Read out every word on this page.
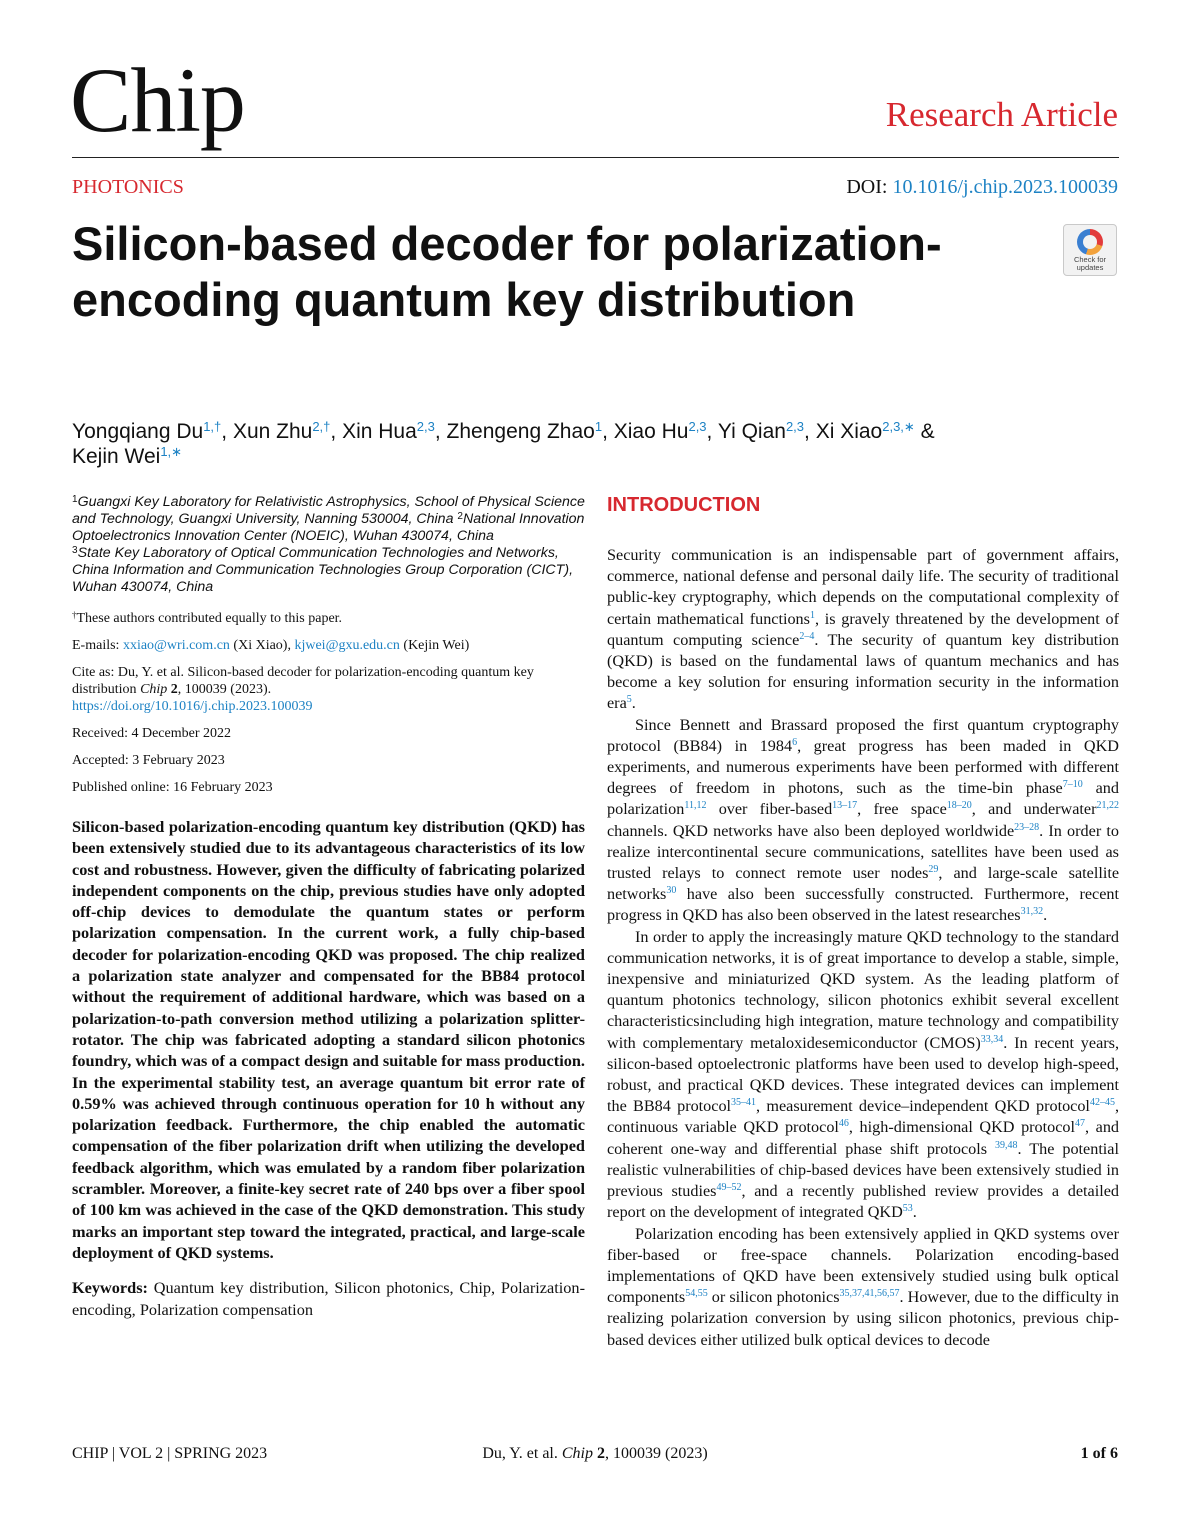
Chip	Research Article
PHOTONICS	DOI: 10.1016/j.chip.2023.100039
Silicon-based decoder for polarization-encoding quantum key distribution
Check for
updates
Yongqiang $Du^{1,\dagger}$, Xun Zhu$^{2,\dagger}$, Xin Hua$^{2,3}$, Zhengeng Zhao$^1$, Xiao Hu$^{2,3}$, Yi Qian$^{2,3}$, Xi Xiao$^{2,3,∗}$ &
Kejin Wei$^{1,∗}$

$^1$Guangxi Key Laboratory for Relativistic Astrophysics, School of Physical Science and Technology, Guangxi University, Nanning 530004, China $^2$National Innovation Optoelectronics Innovation Center (NOEIC), Wuhan 430074, China
$^3$State Key Laboratory of Optical Communication Technologies and Networks, China Information and Communication Technologies Group Corporation (CICT), Wuhan 430074, China

†These authors contributed equally to this paper.

E-mails: xxiao@wri.com.cn (Xi Xiao), kjwei@gxu.edu.cn (Kejin Wei)

Cite as: Du, Y. et al. Silicon-based decoder for polarization-encoding quantum key distribution Chip 2, 100039 (2023).
https://doi.org/10.1016/j.chip.2023.100039

Received: 4 December 2022

Accepted: 3 February 2023

Published online: 16 February 2023

Silicon-based polarization-encoding quantum key distribution (QKD) has been extensively studied due to its advantageous characteristics of its low cost and robustness. However, given the difficulty of fabricating polarized independent components on the chip, previous studies have only adopted off-chip devices to demodulate the quantum states or perform polarization compensation. In the current work, a fully chip-based decoder for polarization-encoding QKD was proposed. The chip realized a polarization state analyzer and compensated for the BB84 protocol without the requirement of additional hardware, which was based on a polarization-to-path conversion method utilizing a polarization splitter-rotator. The chip was fabricated adopting a standard silicon photonics foundry, which was of a compact design and suitable for mass production. In the experimental stability test, an average quantum bit error rate of 0.59% was achieved through continuous operation for 10 h without any polarization feedback. Furthermore, the chip enabled the automatic compensation of the fiber polarization drift when utilizing the developed feedback algorithm, which was emulated by a random fiber polarization scrambler. Moreover, a finite-key secret rate of 240 bps over a fiber spool of 100 km was achieved in the case of the QKD demonstration. This study marks an important step toward the integrated, practical, and large-scale deployment of QKD systems.

Keywords: Quantum key distribution, Silicon photonics, Chip, Polarization-encoding, Polarization compensation

INTRODUCTION

Security communication is an indispensable part of government affairs, commerce, national defense and personal daily life. The security of traditional public-key cryptography, which depends on the computational complexity of certain mathematical functions$^1$, is gravely threatened by the development of quantum computing science$^{2-4}$. The security of quantum key distribution (QKD) is based on the fundamental laws of quantum mechanics and has become a key solution for ensuring information security in the information era$^5$.

Since Bennett and Brassard proposed the first quantum cryptography protocol (BB84) in 1984$^6$, great progress has been maded in QKD experiments, and numerous experiments have been performed with different degrees of freedom in photons, such as the time-bin phase$^{7-10}$ and polarization$^{11,12}$ over fiber-based$^{13-17}$, free space$^{18-20}$, and underwater$^{21,22}$ channels. QKD networks have also been deployed worldwide$^{23-28}$. In order to realize intercontinental secure communications, satellites have been used as trusted relays to connect remote user nodes$^{29}$, and large-scale satellite networks$^{30}$ have also been successfully constructed. Furthermore, recent progress in QKD has also been observed in the latest researches$^{31,32}$.

In order to apply the increasingly mature QKD technology to the standard communication networks, it is of great importance to develop a stable, simple, inexpensive and miniaturized QKD system. As the leading platform of quantum photonics technology, silicon photonics exhibit several excellent characteristicsincluding high integration, mature technology and compatibility with complementary metaloxidesemiconductor (CMOS)$^{33,34}$. In recent years, silicon-based optoelectronic platforms have been used to develop high-speed, robust, and practical QKD devices. These integrated devices can implement the BB84 protocol$^{35-41}$, measurement device–independent QKD protocol$^{42-45}$, continuous variable QKD protocol$^{46}$, high-dimensional QKD protocol$^{47}$, and coherent one-way and differential phase shift protocols $^{39,48}$. The potential realistic vulnerabilities of chip-based devices have been extensively studied in previous studies$^{49-52}$, and a recently published review provides a detailed report on the development of integrated QKD$^{53}$.

Polarization encoding has been extensively applied in QKD systems over fiber-based or free-space channels. Polarization encoding-based implementations of QKD have been extensively studied using bulk optical components$^{54,55}$ or silicon photonics$^{35,37,41,56,57}$. However, due to the difficulty in realizing polarization conversion by using silicon photonics, previous chip-based devices either utilized bulk optical devices to decode

CHIP | VOL 2 | SPRING 2023	Du, Y. et al. Chip 2, 100039 (2023)	1 of 6
